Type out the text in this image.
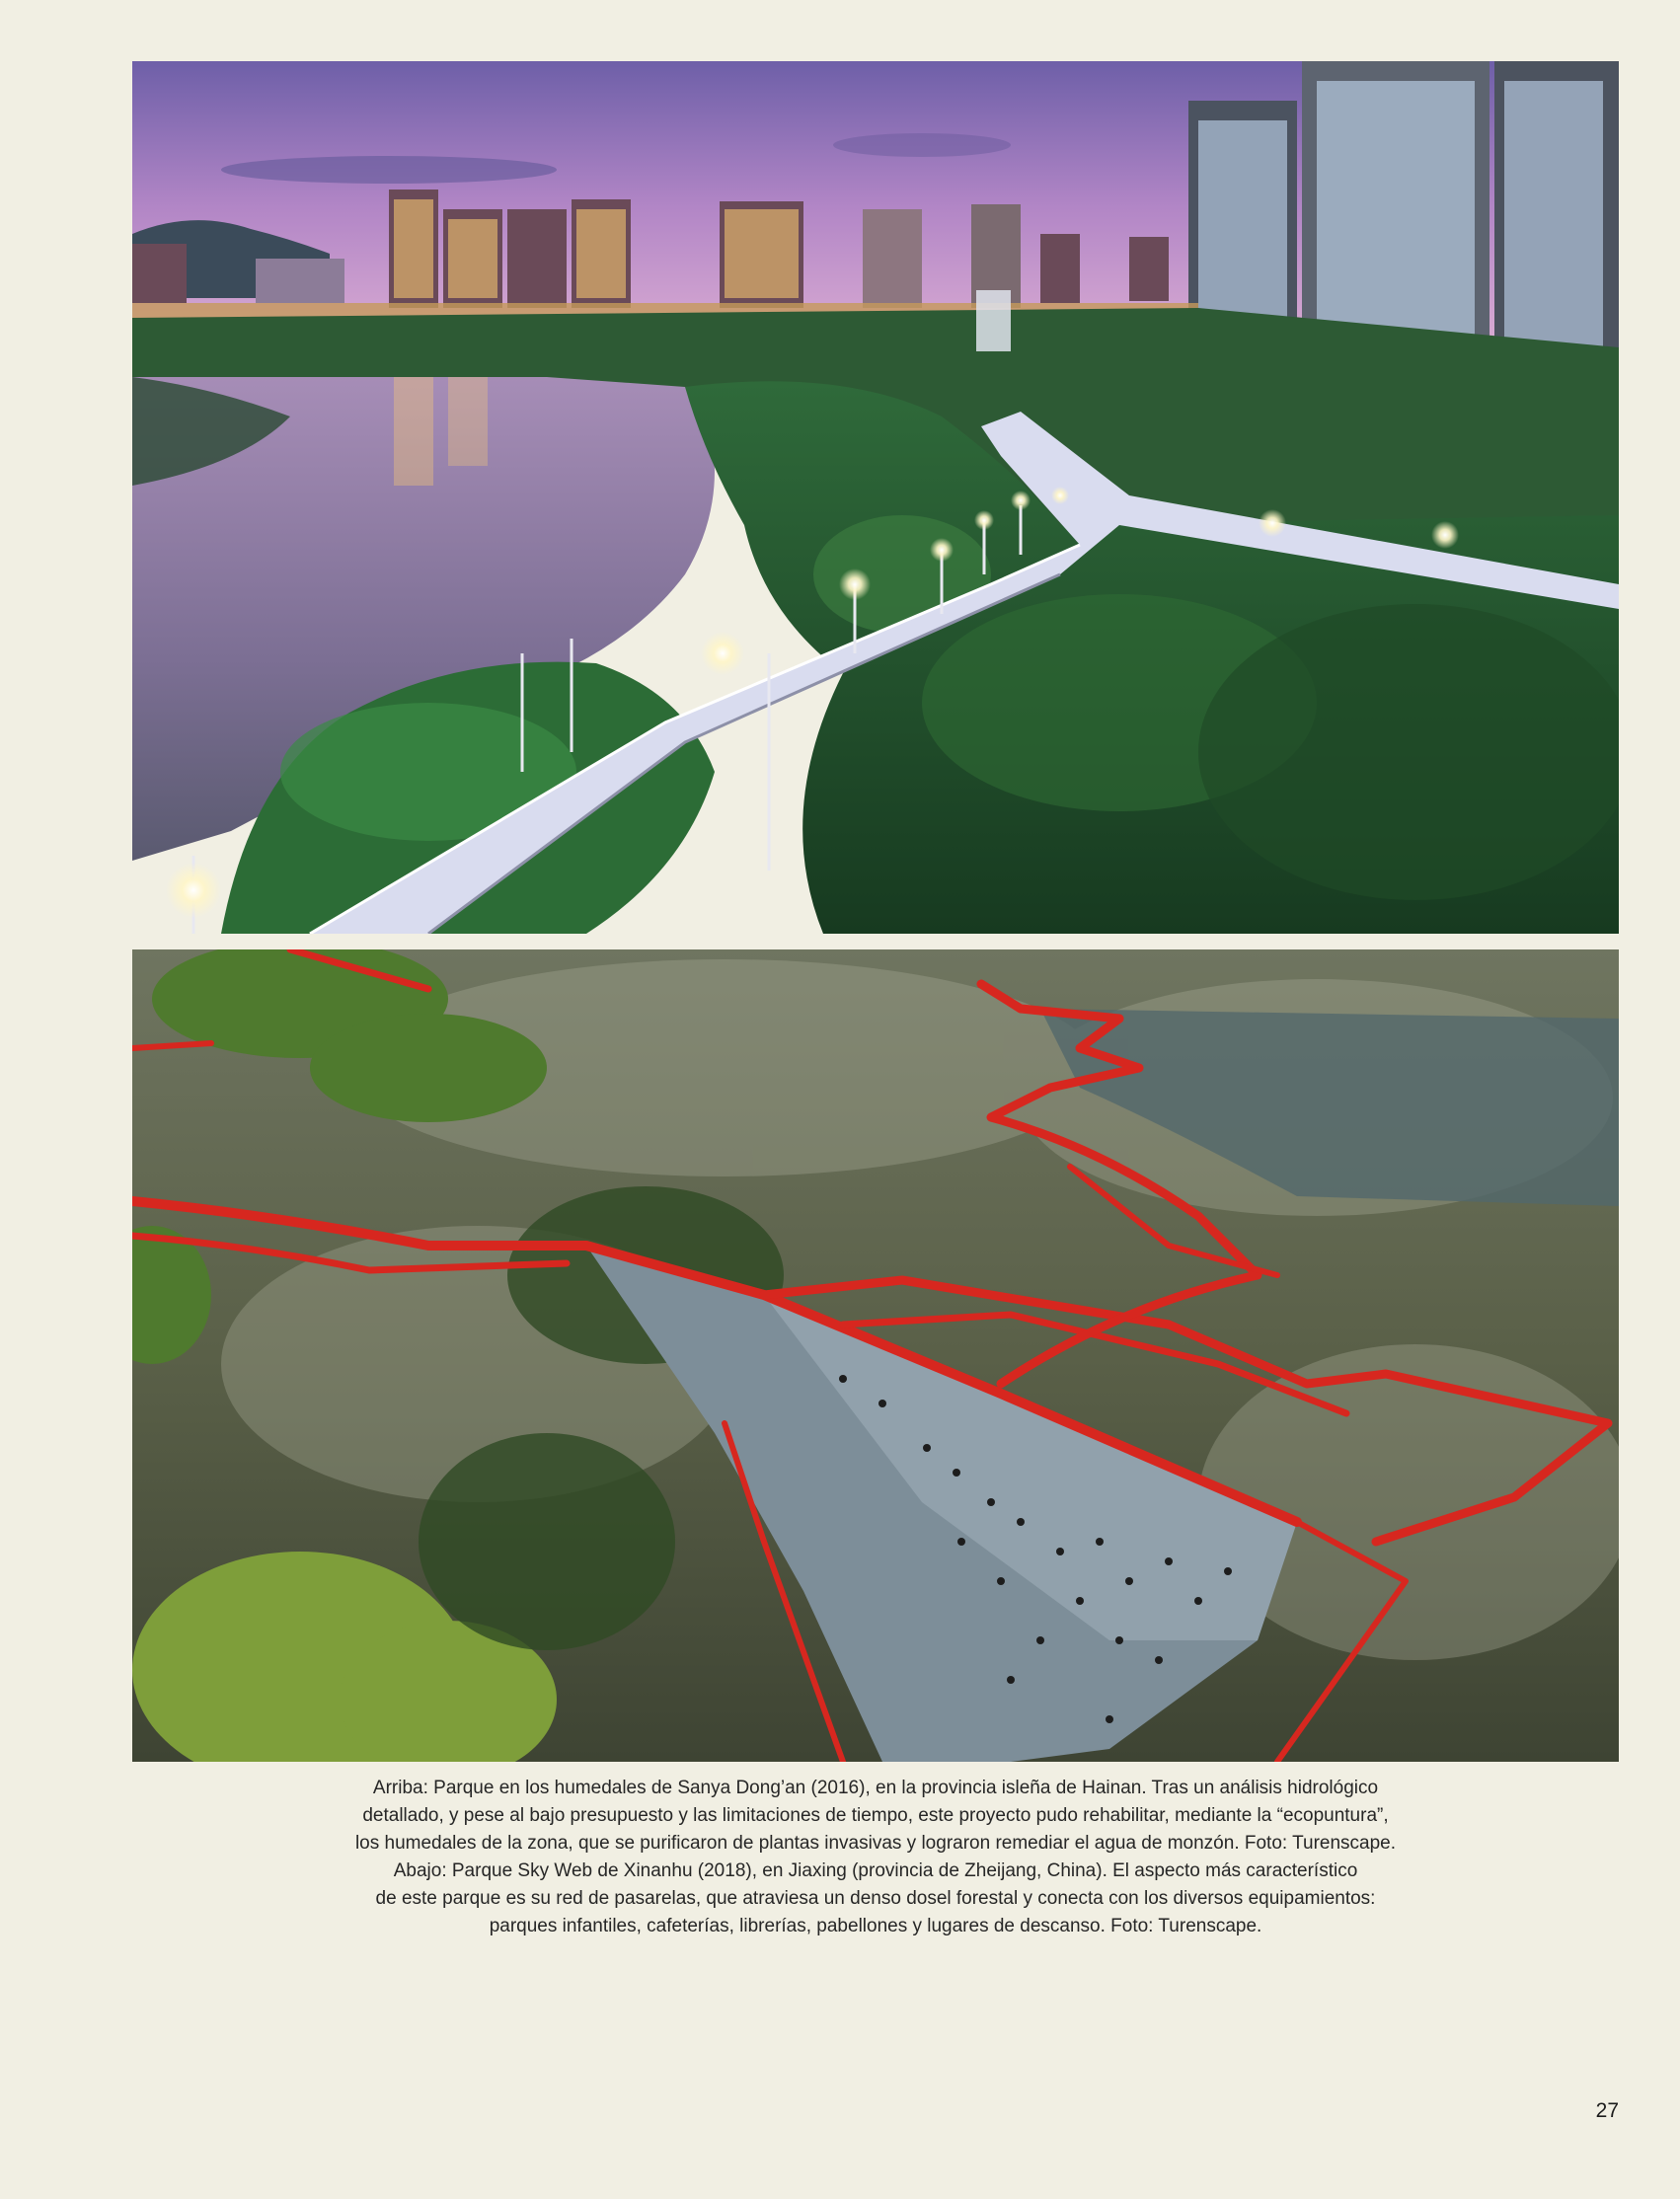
Arriba: Parque en los humedales de Sanya Dong’an (2016), en la provincia isleña de Hainan. Tras un análisis hidrológico
detallado, y pese al bajo presupuesto y las limitaciones de tiempo, este proyecto pudo rehabilitar, mediante la “ecopuntura”,
los humedales de la zona, que se purificaron de plantas invasivas y lograron remediar el agua de monzón. Foto: Turenscape.
Abajo: Parque Sky Web de Xinanhu (2018), en Jiaxing (provincia de Zheijang, China). El aspecto más característico
de este parque es su red de pasarelas, que atraviesa un denso dosel forestal y conecta con los diversos equipamientos:
parques infantiles, cafeterías, librerías, pabellones y lugares de descanso. Foto: Turenscape.
27
